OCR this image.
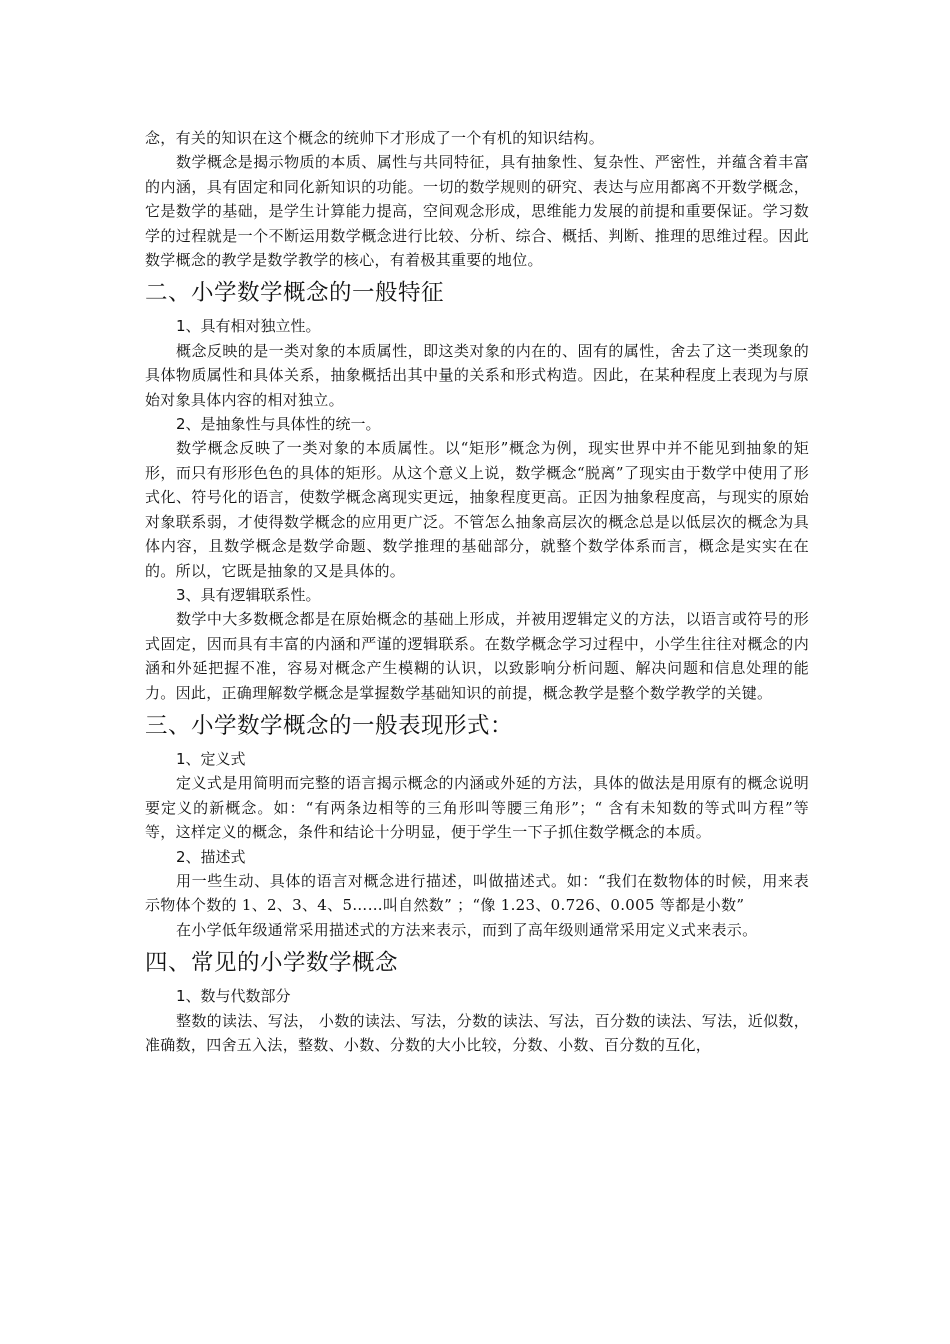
念，有关的知识在这个概念的统帅下才形成了一个有机的知识结构。

数学概念是揭示物质的本质、属性与共同特征，具有抽象性、复杂性、严密性，并蕴含着丰富的内涵，具有固定和同化新知识的功能。一切的数学规则的研究、表达与应用都离不开数学概念，它是数学的基础，是学生计算能力提高，空间观念形成，思维能力发展的前提和重要保证。学习数学的过程就是一个不断运用数学概念进行比较、分析、综合、概括、判断、推理的思维过程。因此数学概念的教学是数学教学的核心，有着极其重要的地位。

二、小学数学概念的一般特征

1、具有相对独立性。

概念反映的是一类对象的本质属性，即这类对象的内在的、固有的属性，舍去了这一类现象的具体物质属性和具体关系，抽象概括出其中量的关系和形式构造。因此，在某种程度上表现为与原始对象具体内容的相对独立。

2、是抽象性与具体性的统一。

数学概念反映了一类对象的本质属性。以“矩形”概念为例，现实世界中并不能见到抽象的矩形，而只有形形色色的具体的矩形。从这个意义上说，数学概念“脱离”了现实由于数学中使用了形式化、符号化的语言，使数学概念离现实更远，抽象程度更高。正因为抽象程度高，与现实的原始对象联系弱，才使得数学概念的应用更广泛。不管怎么抽象高层次的概念总是以低层次的概念为具体内容，且数学概念是数学命题、数学推理的基础部分，就整个数学体系而言，概念是实实在在的。所以，它既是抽象的又是具体的。

3、具有逻辑联系性。

数学中大多数概念都是在原始概念的基础上形成，并被用逻辑定义的方法，以语言或符号的形式固定，因而具有丰富的内涵和严谨的逻辑联系。在数学概念学习过程中，小学生往往对概念的内涵和外延把握不准，容易对概念产生模糊的认识，以致影响分析问题、解决问题和信息处理的能力。因此，正确理解数学概念是掌握数学基础知识的前提，概念教学是整个数学教学的关键。

三、小学数学概念的一般表现形式：

1、定义式

定义式是用简明而完整的语言揭示概念的内涵或外延的方法，具体的做法是用原有的概念说明要定义的新概念。如：“有两条边相等的三角形叫等腰三角形”；“ 含有未知数的等式叫方程”等等，这样定义的概念，条件和结论十分明显，便于学生一下子抓住数学概念的本质。

2、描述式

用一些生动、具体的语言对概念进行描述，叫做描述式。如：“我们在数物体的时候，用来表示物体个数的 1、2、3、4、5……叫自然数” ；“像 1.23、0.726、0.005 等都是小数”

在小学低年级通常采用描述式的方法来表示，而到了高年级则通常采用定义式来表示。

四、常见的小学数学概念

1、数与代数部分

整数的读法、写法， 小数的读法、写法，分数的读法、写法，百分数的读法、写法，近似数，准确数，四舍五入法，整数、小数、分数的大小比较，分数、小数、百分数的互化，
